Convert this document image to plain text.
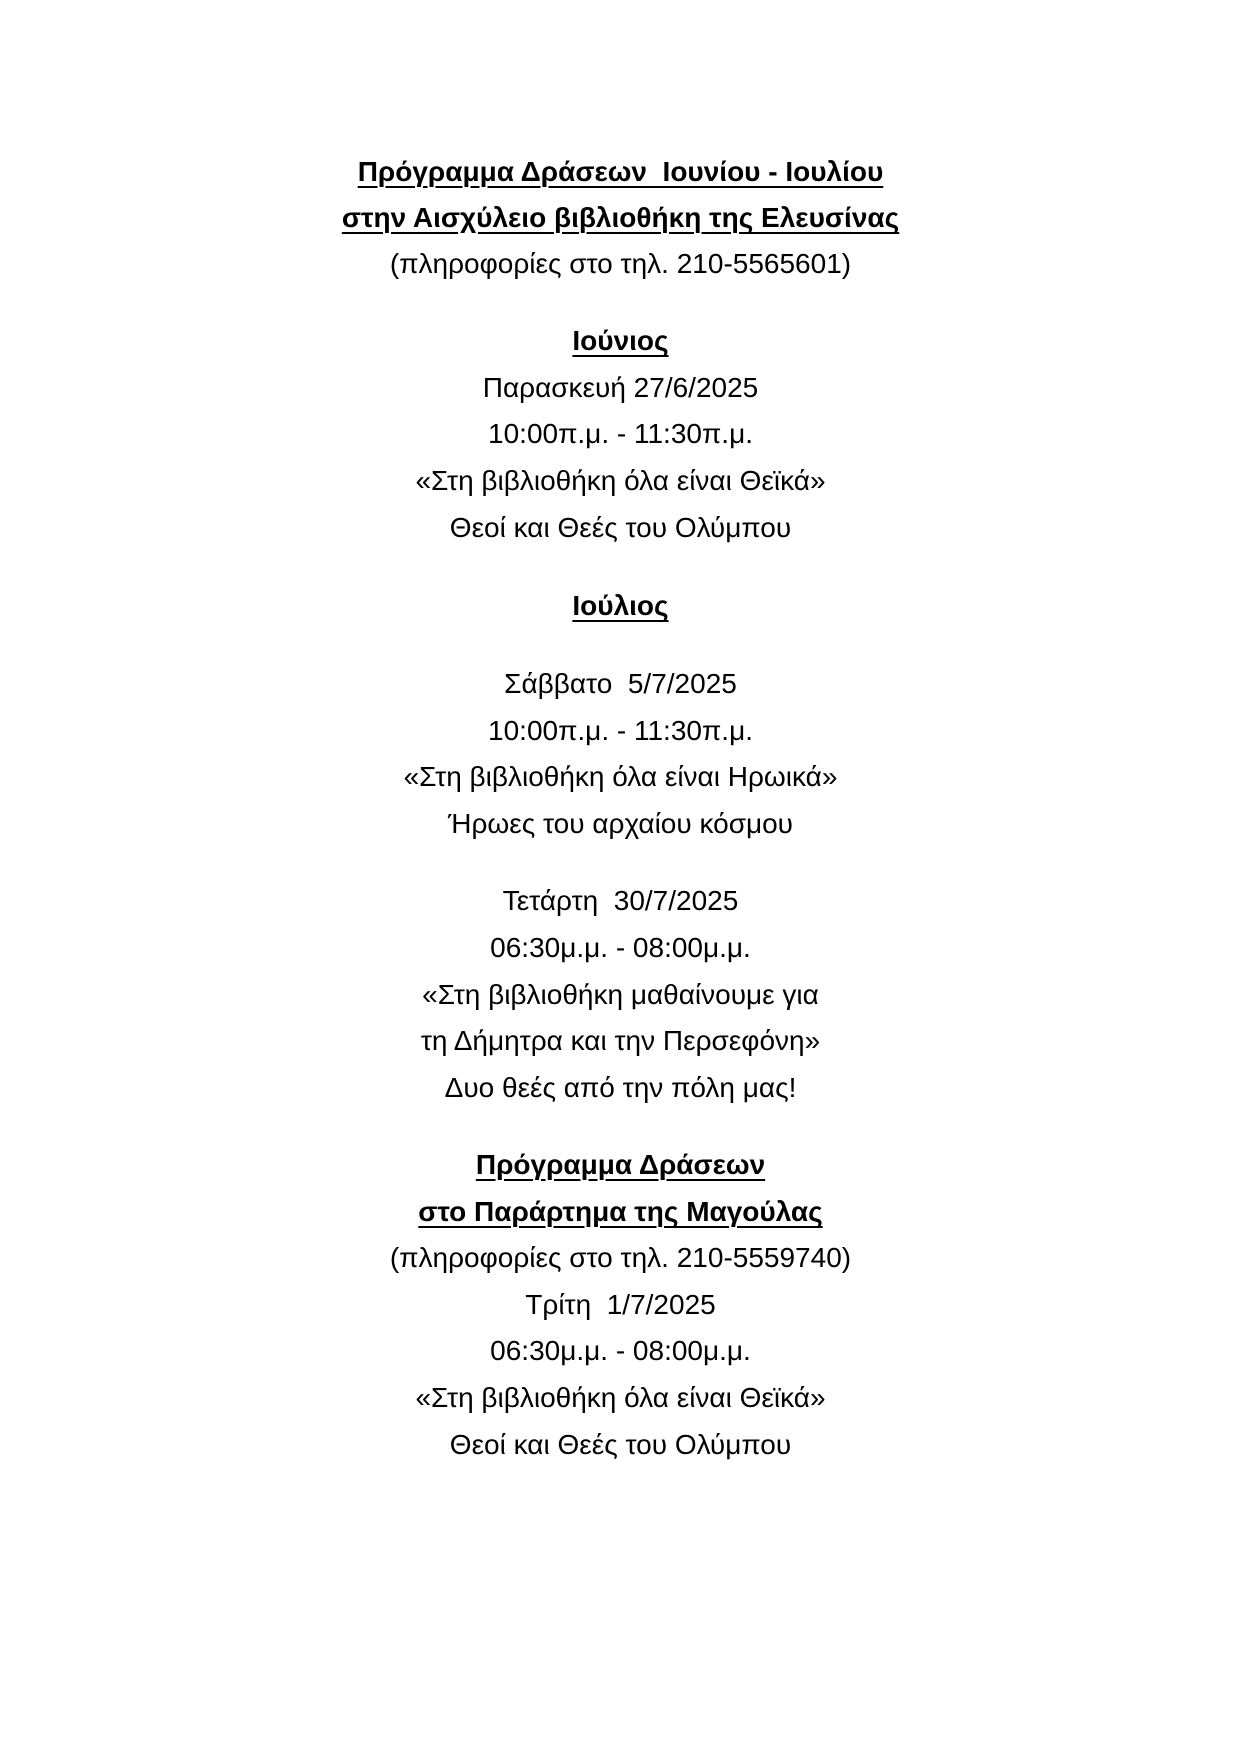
Πρόγραμμα Δράσεων  Ιουνίου - Ιουλίου
στην Αισχύλειο βιβλιοθήκη της Ελευσίνας
(πληροφορίες στο τηλ. 210-5565601)
Ιούνιος
Παρασκευή 27/6/2025
10:00π.μ. - 11:30π.μ.
«Στη βιβλιοθήκη όλα είναι Θεϊκά»
Θεοί και Θεές του Ολύμπου
Ιούλιος
Σάββατο  5/7/2025
10:00π.μ. - 11:30π.μ.
«Στη βιβλιοθήκη όλα είναι Ηρωικά»
Ήρωες του αρχαίου κόσμου
Τετάρτη  30/7/2025
06:30μ.μ. - 08:00μ.μ.
«Στη βιβλιοθήκη μαθαίνουμε για
τη Δήμητρα και την Περσεφόνη»
Δυο θεές από την πόλη μας!
Πρόγραμμα Δράσεων
στο Παράρτημα της Μαγούλας
(πληροφορίες στο τηλ. 210-5559740)
Τρίτη  1/7/2025
06:30μ.μ. - 08:00μ.μ.
«Στη βιβλιοθήκη όλα είναι Θεϊκά»
Θεοί και Θεές του Ολύμπου
